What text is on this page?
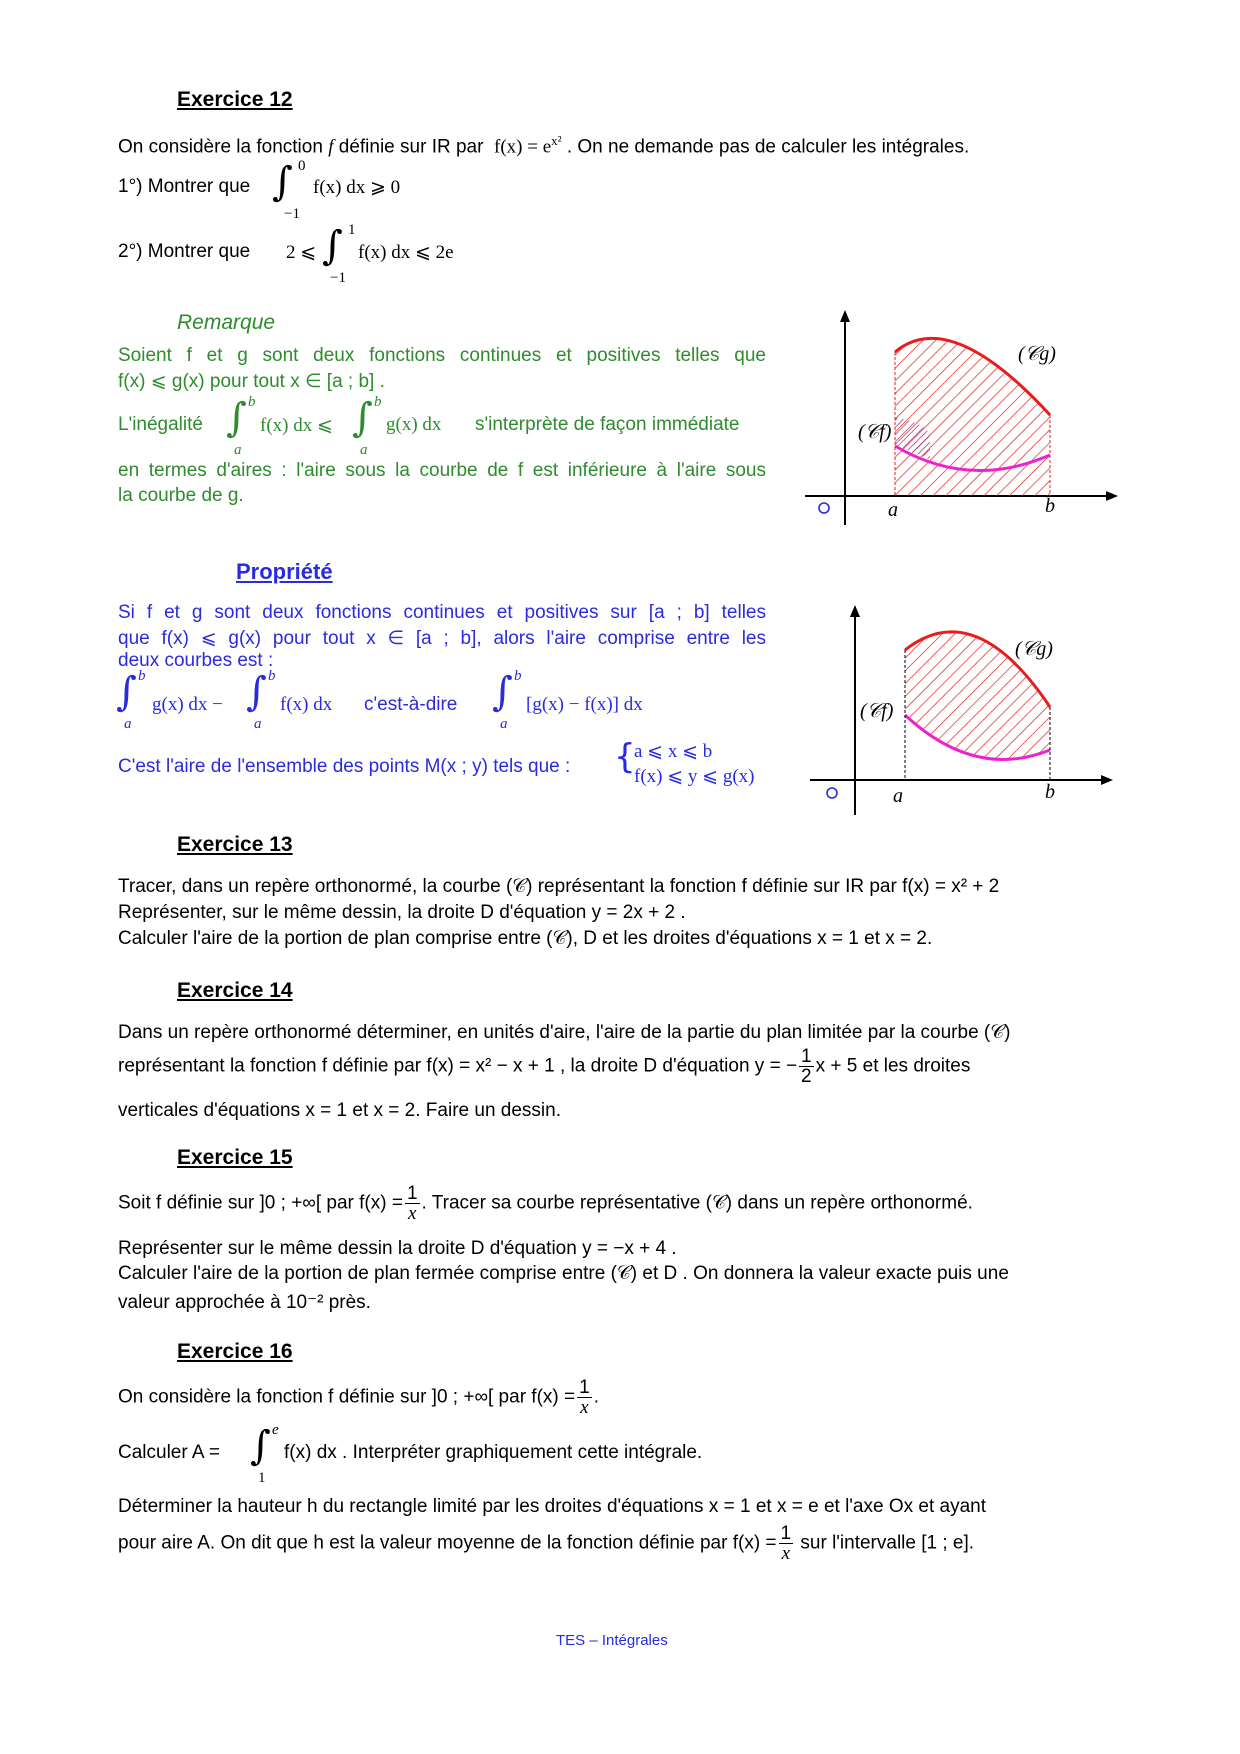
Exercice 12
On considère la fonction f définie sur IR par $f(x) = e^{x^2}$ . On ne demande pas de calculer les intégrales.
1°) Montrer que ∫ 0
−1
f(x) dx ⩾ 0
2°) Montrer que 2 ⩽ ∫ 1
−1
f(x) dx ⩽ 2e
Remarque
Soient f et g sont deux fonctions continues et positives telles que
f(x) ⩽ g(x) pour tout x ∈ [a ; b] .
L'inégalité ∫ b
a
f(x) dx ⩽ ∫ b
a
g(x) dx s'interprète de façon immédiate
en termes d'aires : l'aire sous la courbe de f est inférieure à l'aire sous
la courbe de g.
a	b
(𝒞g)
(𝒞f)
Propriété
Si f et g sont deux fonctions continues et positives sur [a ; b] telles
que f(x) ⩽ g(x) pour tout x ∈ [a ; b], alors l'aire comprise entre les
deux courbes est :
∫ b
a
g(x) dx − ∫ b
a
f(x) dx c'est-à-dire ∫ b
a
[g(x) − f(x)] dx
C'est l'aire de l'ensemble des points M(x ; y) tels que : {
a ⩽ x ⩽ b
f(x) ⩽ y ⩽ g(x)
a	b
(𝒞g)
(𝒞f)
Exercice 13
Tracer, dans un repère orthonormé, la courbe (𝒞) représentant la fonction f définie sur IR par f(x) = x² + 2
Représenter, sur le même dessin, la droite D d'équation y = 2x + 2 .
Calculer l'aire de la portion de plan comprise entre (𝒞), D et les droites d'équations x = 1 et x = 2.
Exercice 14
Dans un repère orthonormé déterminer, en unités d'aire, l'aire de la partie du plan limitée par la courbe (𝒞)
représentant la fonction f définie par f(x) = x² − x + 1 , la droite D d'équation y = − $\frac{1}{2}$ x + 5 et les droites
verticales d'équations x = 1 et x = 2. Faire un dessin.
Exercice 15
Soit f définie sur ]0 ; +∞[ par $f(x) = \frac{1}{x}$ . Tracer sa courbe représentative (𝒞) dans un repère orthonormé.
Représenter sur le même dessin la droite D d'équation y = −x + 4 .
Calculer l'aire de la portion de plan fermée comprise entre (𝒞) et D . On donnera la valeur exacte puis une
valeur approchée à 10⁻² près.
Exercice 16
On considère la fonction f définie sur ]0 ; +∞[ par $f(x) = \frac{1}{x}$ .
Calculer A = ∫ e
1
f(x) dx . Interpréter graphiquement cette intégrale.
Déterminer la hauteur h du rectangle limité par les droites d'équations x = 1 et x = e et l'axe Ox et ayant
pour aire A. On dit que h est la valeur moyenne de la fonction définie par $f(x) = \frac{1}{x}$ sur l'intervalle [1 ; e].
TES – Intégrales
